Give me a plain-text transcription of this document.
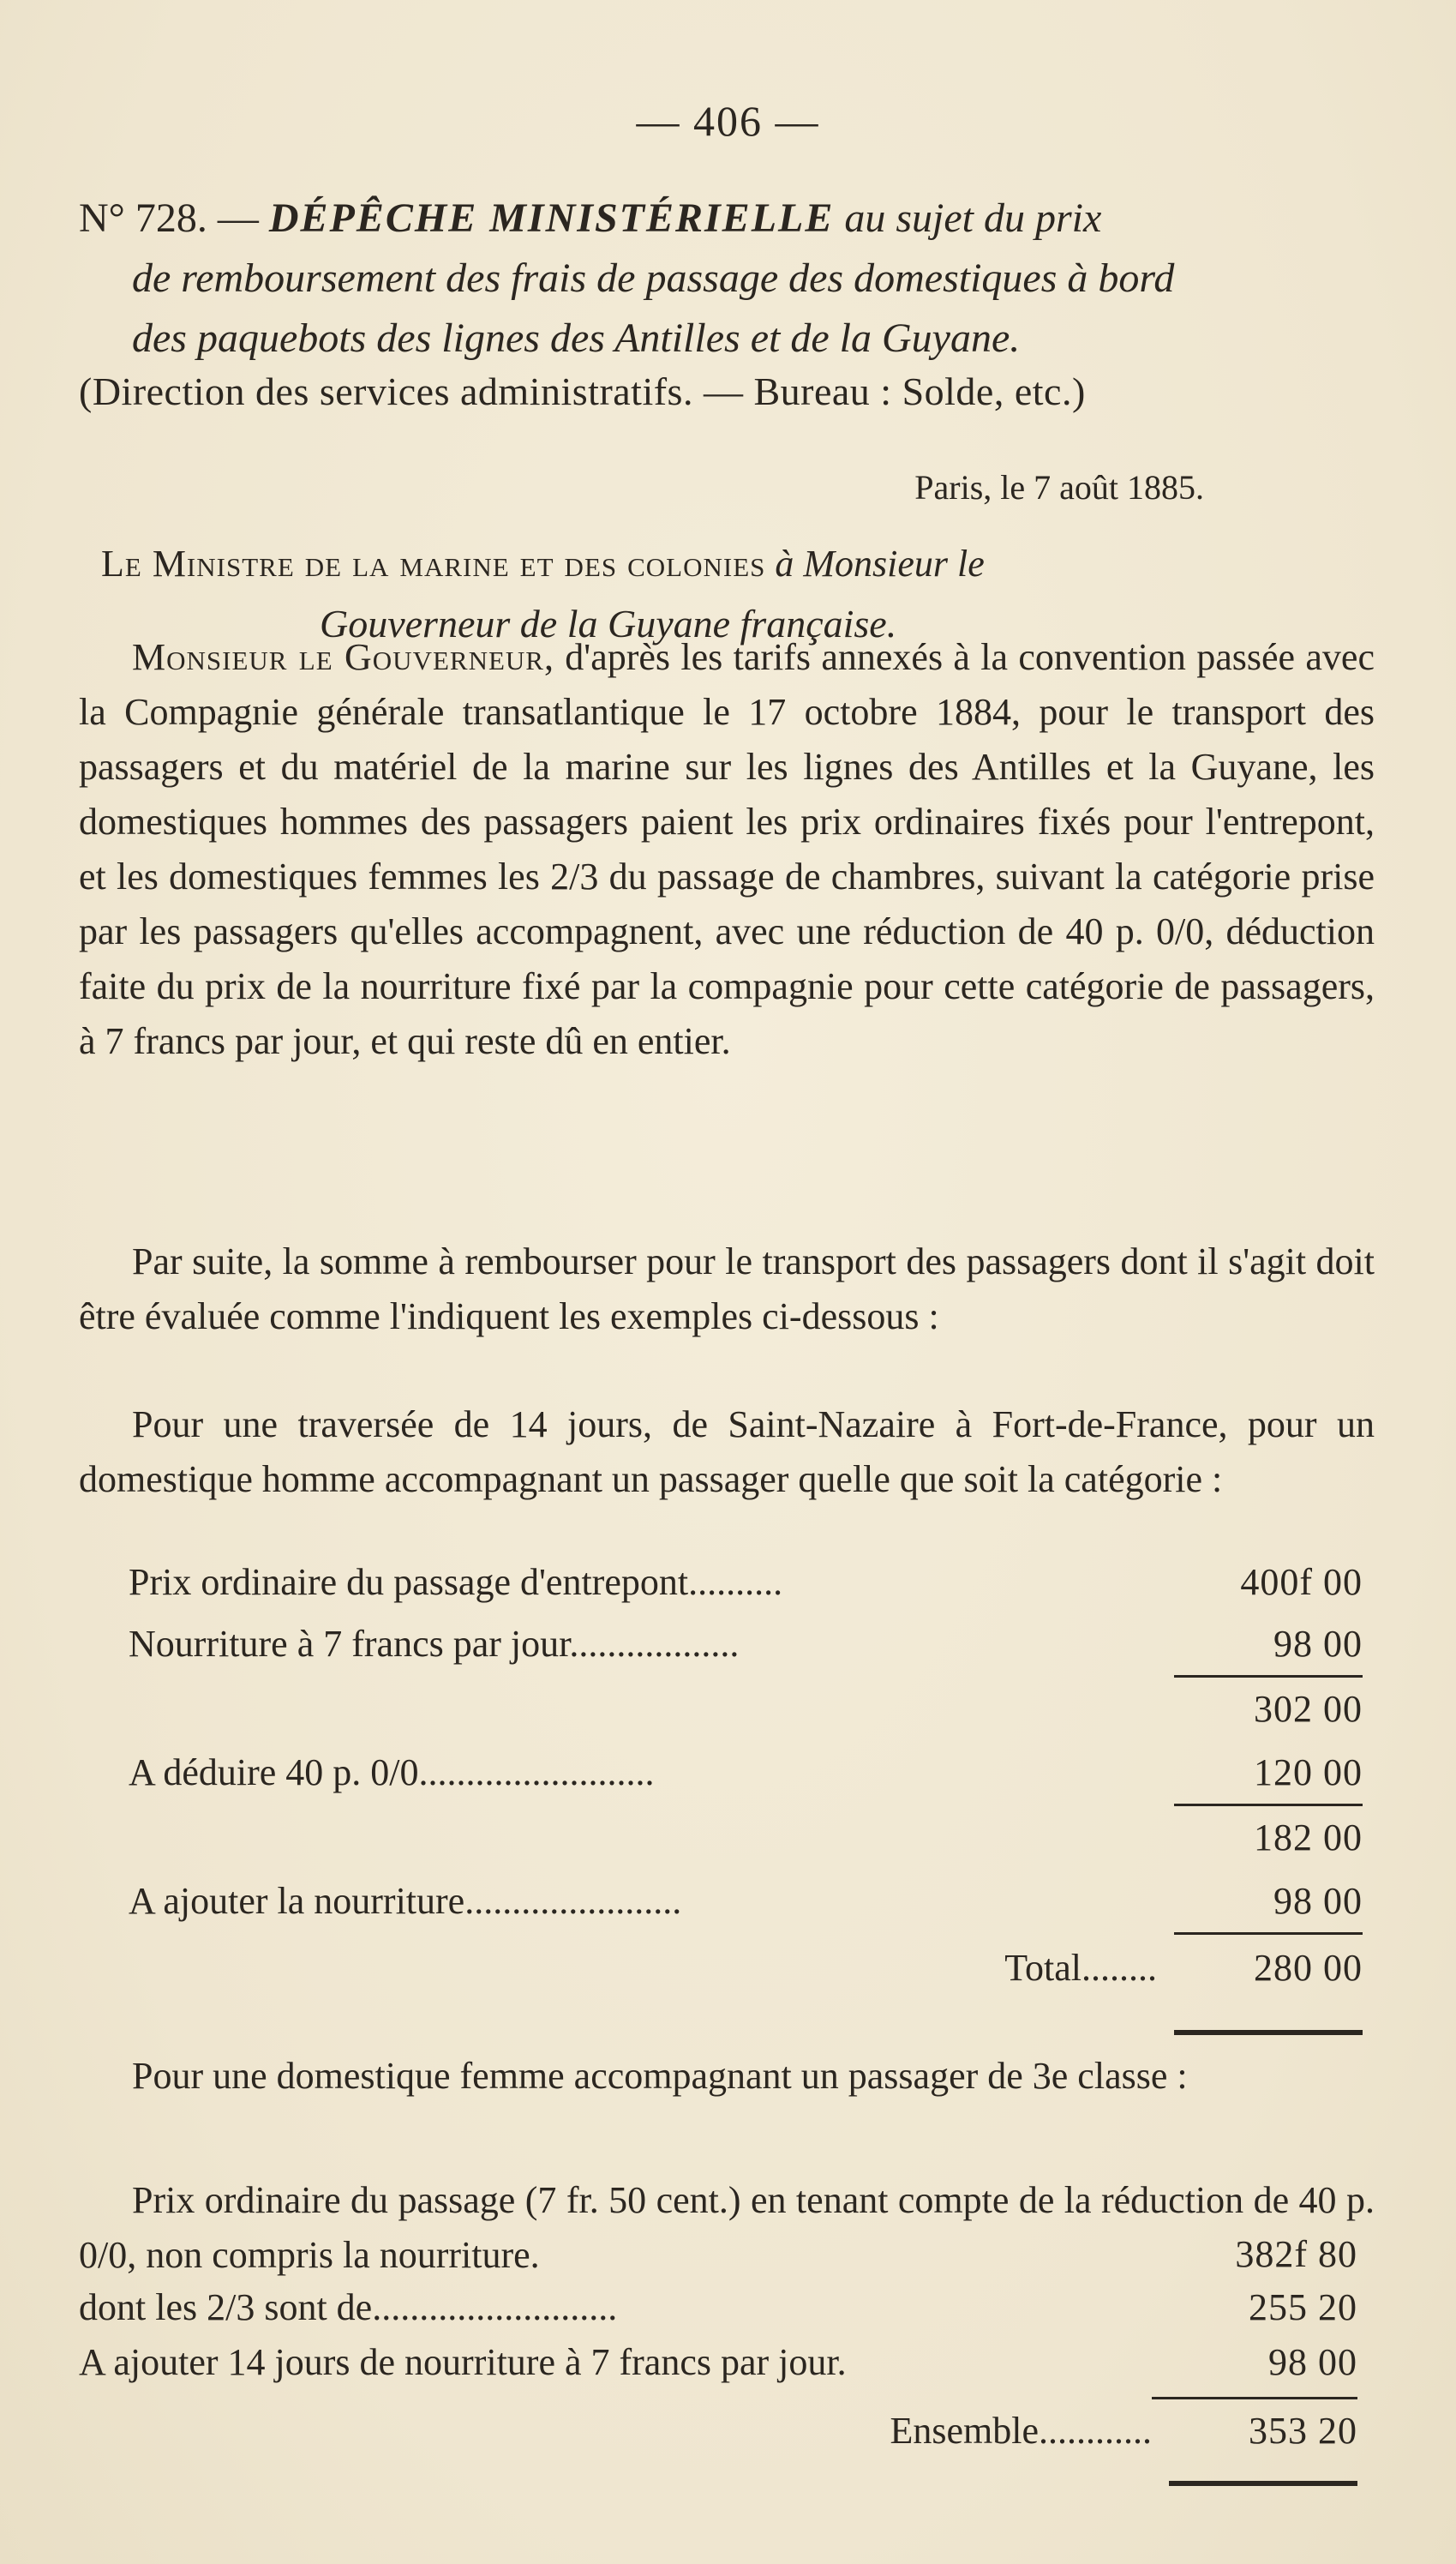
— 406 —
N° 728. — DÉPÊCHE MINISTÉRIELLE au sujet du prix
de remboursement des frais de passage des domestiques à bord
des paquebots des lignes des Antilles et de la Guyane.
(Direction des services administratifs. — Bureau : Solde, etc.)
Paris, le 7 août 1885.
Le Ministre de la marine et des colonies à Monsieur le
Gouverneur de la Guyane française.

Monsieur le Gouverneur, d'après les tarifs annexés à la convention passée avec la Compagnie générale transatlantique le 17 octobre 1884, pour le transport des passagers et du matériel de la marine sur les lignes des Antilles et la Guyane, les domestiques hommes des passagers paient les prix ordinaires fixés pour l'entrepont, et les domestiques femmes les 2/3 du passage de chambres, suivant la catégorie prise par les passagers qu'elles accompagnent, avec une réduction de 40 p. 0/0, déduction faite du prix de la nourriture fixé par la compagnie pour cette catégorie de passagers, à 7 francs par jour, et qui reste dû en entier.

Par suite, la somme à rembourser pour le transport des passagers dont il s'agit doit être évaluée comme l'indiquent les exemples ci-dessous :

Pour une traversée de 14 jours, de Saint-Nazaire à Fort-de-France, pour un domestique homme accompagnant un passager quelle que soit la catégorie :

Prix ordinaire du passage d'entrepont..........	400f 00
Nourriture à 7 francs par jour..................	98 00
302 00
A déduire 40 p. 0/0.........................	120 00
182 00
A ajouter la nourriture.......................	98 00
Total........	280 00

Pour une domestique femme accompagnant un passager de 3e classe :

Prix ordinaire du passage (7 fr. 50 cent.) en tenant compte de la réduction de 40 p. 0/0, non compris la nourriture.	382f 80
dont les 2/3 sont de..........................	255 20
A ajouter 14 jours de nourriture à 7 francs par jour.	98 00
Ensemble............	353 20
